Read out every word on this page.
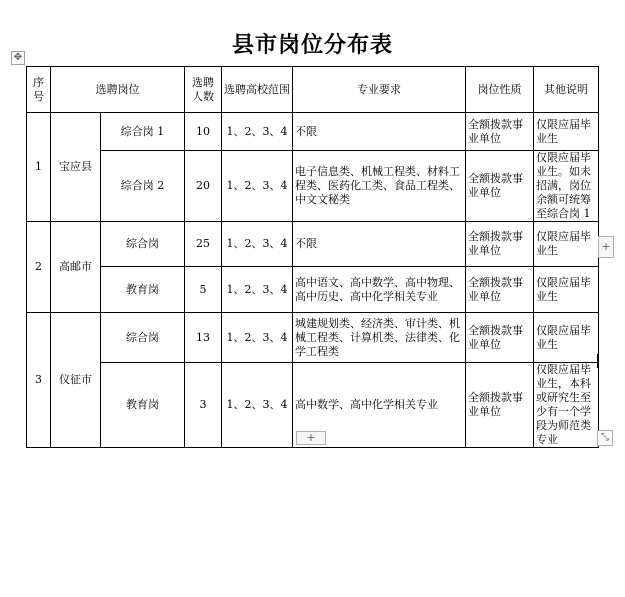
县市岗位分布表
✥
序号	选聘岗位		选聘人数	选聘高校范围	专业要求	岗位性质	其他说明
1	宝应县	综合岗 1	10	1、2、3、4	不限	全额拨款事业单位	仅限应届毕业生
		综合岗 2	20	1、2、3、4	电子信息类、机械工程类、材料工程类、医药化工类、食品工程类、中文文秘类	全额拨款事业单位	仅限应届毕业生。如未招满，岗位余额可统筹至综合岗 1
2	高邮市	综合岗	25	1、2、3、4	不限	全额拨款事业单位	仅限应届毕业生
		教育岗	5	1、2、3、4	高中语文、高中数学、高中物理、高中历史、高中化学相关专业	全额拨款事业单位	仅限应届毕业生
3	仪征市	综合岗	13	1、2、3、4	城建规划类、经济类、审计类、机械工程类、计算机类、法律类、化学工程类	全额拨款事业单位	仅限应届毕业生
		教育岗	3	1、2、3、4	高中数学、高中化学相关专业	全额拨款事业单位	仅限应届毕业生，本科或研究生至少有一个学段为师范类专业
+
+	⤡
